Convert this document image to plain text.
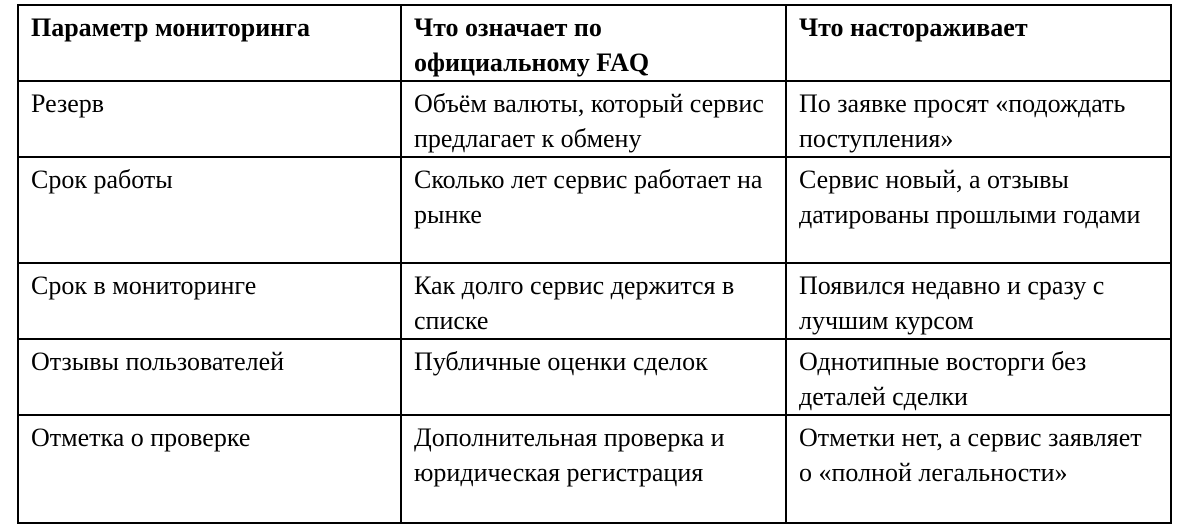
Параметр мониторинга	Что означает по официальному FAQ	Что настораживает
Резерв	Объём валюты, который сервис предлагает к обмену	По заявке просят «подождать поступления»
Срок работы	Сколько лет сервис работает на рынке	Сервис новый, а отзывы датированы прошлыми годами
Срок в мониторинге	Как долго сервис держится в списке	Появился недавно и сразу с лучшим курсом
Отзывы пользователей	Публичные оценки сделок	Однотипные восторги без деталей сделки
Отметка о проверке	Дополнительная проверка и юридическая регистрация	Отметки нет, а сервис заявляет о «полной легальности»
